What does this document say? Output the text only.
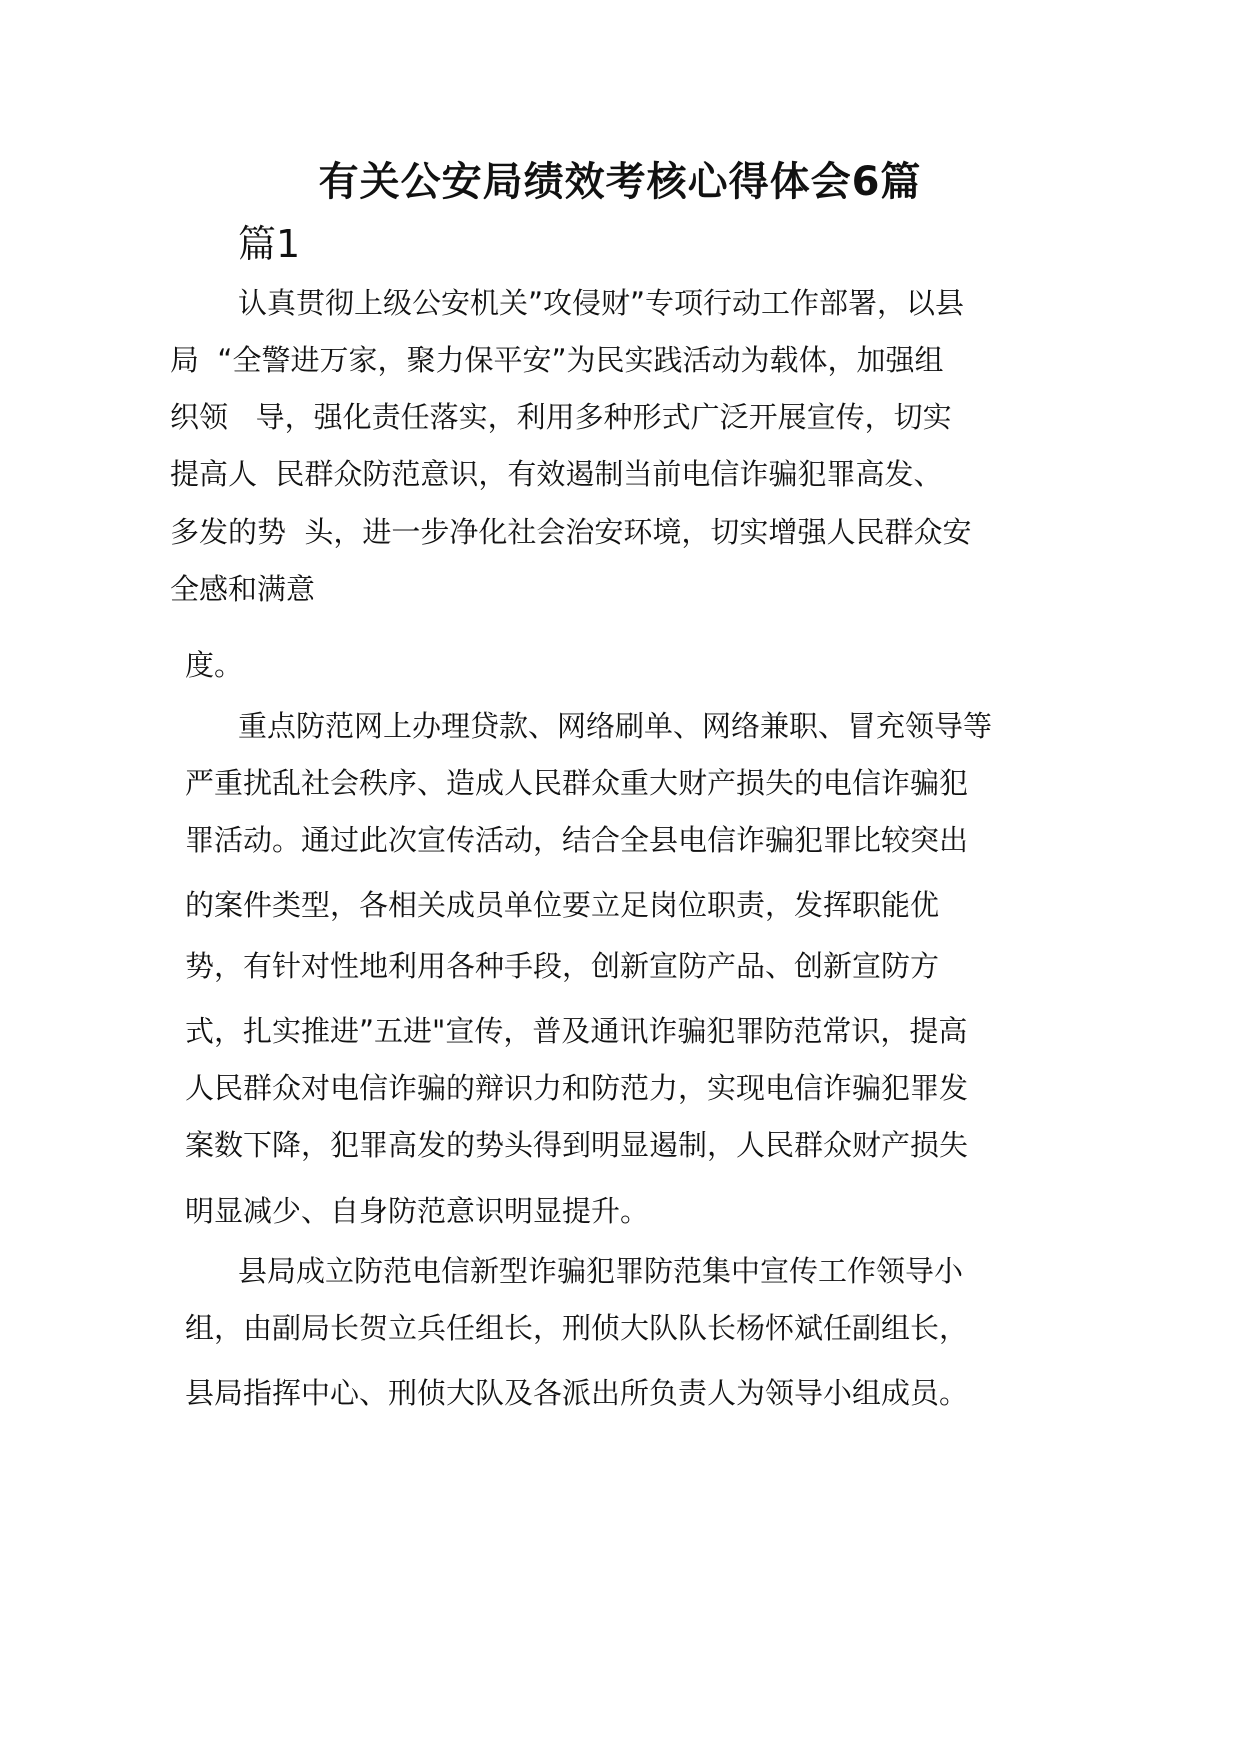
有关公安局绩效考核心得体会6篇
篇1
认真贯彻上级公安机关”攻侵财”专项行动工作部署，以县
局  “全警进万家，聚力保平安”为民实践活动为载体，加强组
织领   导，强化责任落实，利用多种形式广泛开展宣传，切实
提高人  民群众防范意识，有效遏制当前电信诈骗犯罪高发、
多发的势  头，进一步净化社会治安环境，切实增强人民群众安
全感和满意
度。
重点防范网上办理贷款、网络刷单、网络兼职、冒充领导等
严重扰乱社会秩序、造成人民群众重大财产损失的电信诈骗犯
罪活动。通过此次宣传活动，结合全县电信诈骗犯罪比较突出
的案件类型，各相关成员单位要立足岗位职责，发挥职能优
势，有针对性地利用各种手段，创新宣防产品、创新宣防方
式，扎实推进”五进"宣传，普及通讯诈骗犯罪防范常识，提高
人民群众对电信诈骗的辩识力和防范力，实现电信诈骗犯罪发
案数下降，犯罪高发的势头得到明显遏制，人民群众财产损失
明显减少、自身防范意识明显提升。
县局成立防范电信新型诈骗犯罪防范集中宣传工作领导小
组，由副局长贺立兵任组长，刑侦大队队长杨怀斌任副组长，
县局指挥中心、刑侦大队及各派出所负责人为领导小组成员。
